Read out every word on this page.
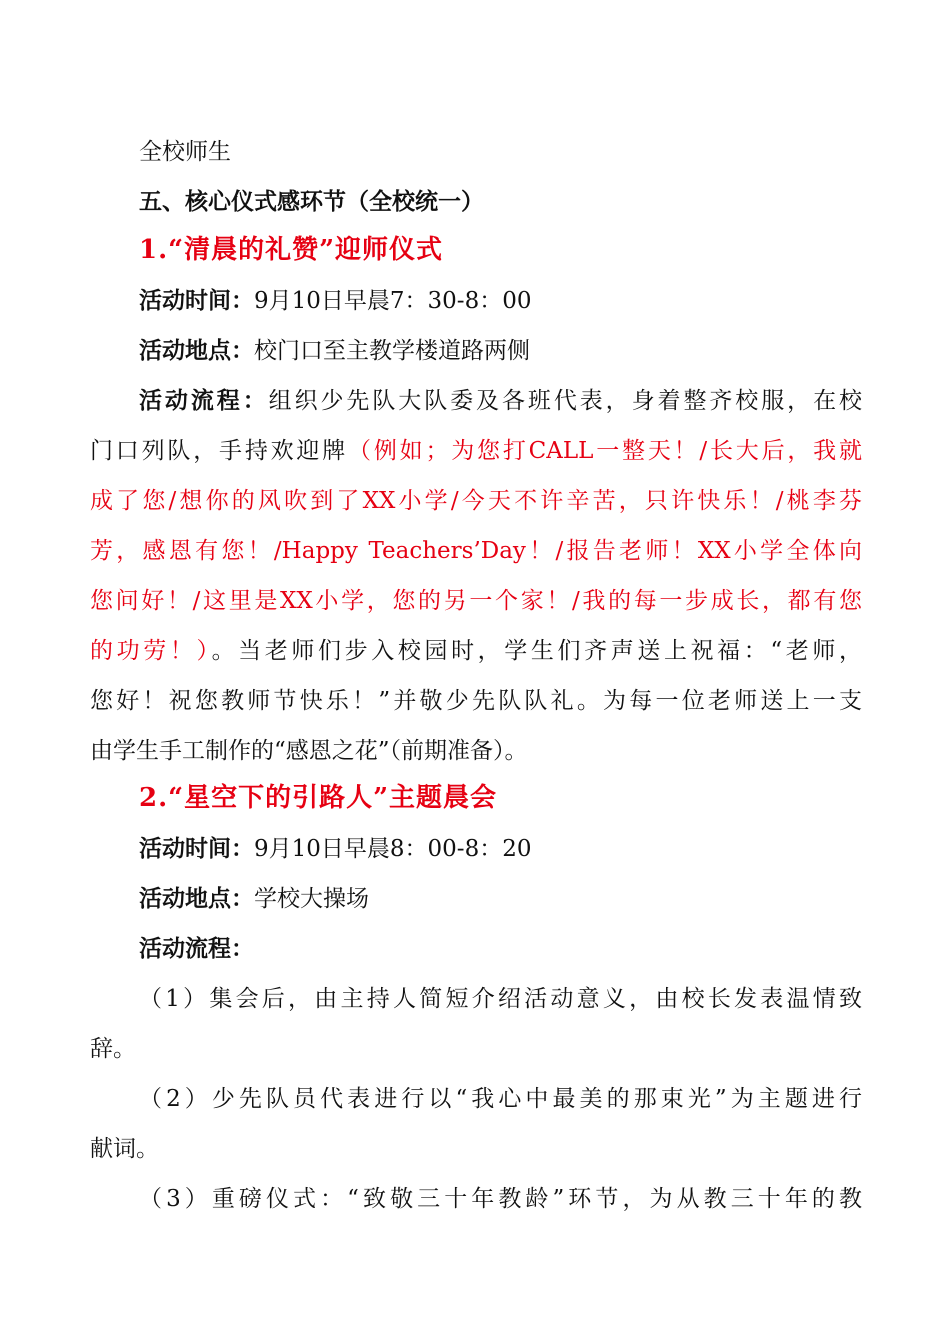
全校师生
五、核心仪式感环节（全校统一）
1.“清晨的礼赞”迎师仪式
活动时间：9月10日早晨7：30-8：00
活动地点：校门口至主教学楼道路两侧
活动流程：组织少先队大队委及各班代表，身着整齐校服，在校
门口列队，手持欢迎牌（例如；为您打CALL一整天！/长大后，我就
成了您/想你的风吹到了XX小学/今天不许辛苦，只许快乐！/桃李芬
芳，感恩有您！/Happy Teachers’Day！/报告老师！XX小学全体向
您问好！/这里是XX小学，您的另一个家！/我的每一步成长，都有您
的功劳！）。当老师们步入校园时，学生们齐声送上祝福：“老师，
您好！祝您教师节快乐！”并敬少先队队礼。为每一位老师送上一支
由学生手工制作的“感恩之花”（前期准备）。
2.“星空下的引路人”主题晨会
活动时间：9月10日早晨8：00-8：20
活动地点：学校大操场
活动流程：
（1）集会后，由主持人简短介绍活动意义，由校长发表温情致
辞。
（2）少先队员代表进行以“我心中最美的那束光”为主题进行
献词。
（3）重磅仪式：“致敬三十年教龄”环节，为从教三十年的教
